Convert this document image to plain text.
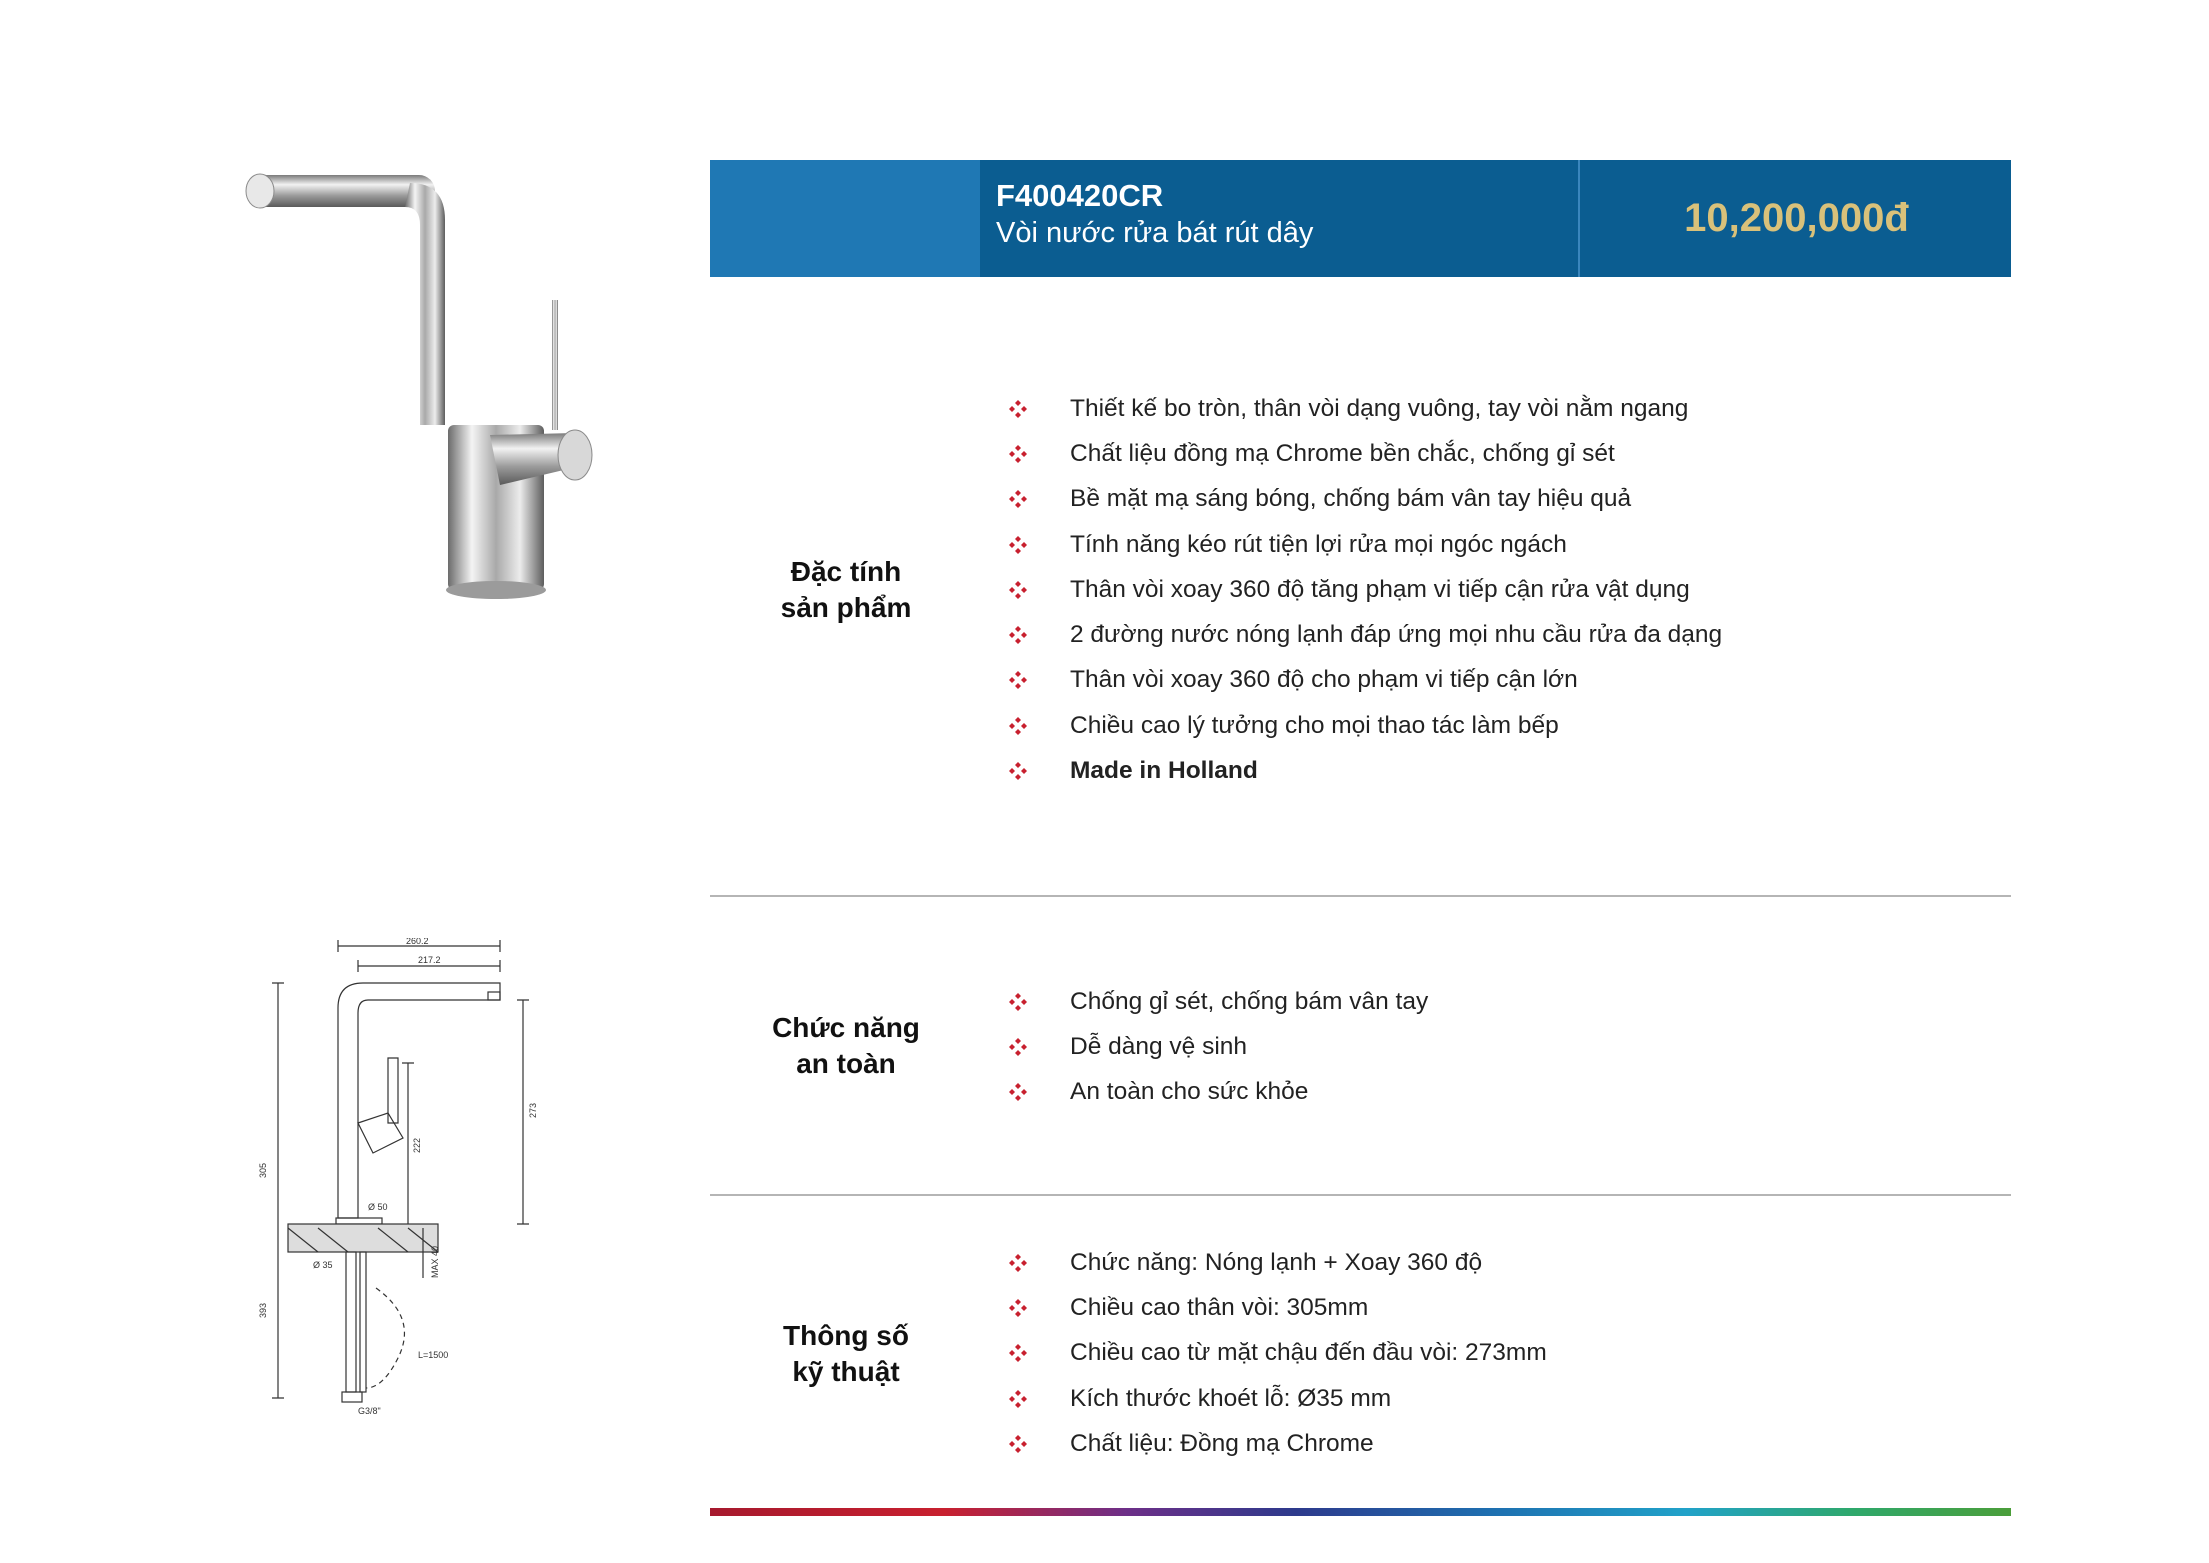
260.2
217.2
305
273
222
Ø 50
Ø 35	MAX 40
393
L=1500
G3/8"
F400420CR
Vòi nước rửa bát rút dây	10,200,000đ
Đặc tính
sản phẩm
Thiết kế bo tròn, thân vòi dạng vuông, tay vòi nằm ngang
Chất liệu đồng mạ Chrome bền chắc, chống gỉ sét
Bề mặt mạ sáng bóng, chống bám vân tay hiệu quả
Tính năng kéo rút tiện lợi rửa mọi ngóc ngách
Thân vòi xoay 360 độ tăng phạm vi tiếp cận rửa vật dụng
2 đường nước nóng lạnh đáp ứng mọi nhu cầu rửa đa dạng
Thân vòi xoay 360 độ cho phạm vi tiếp cận lớn
Chiều cao lý tưởng cho mọi thao tác làm bếp
Made in Holland
Chức năng
an toàn
Chống gỉ sét, chống bám vân tay
Dễ dàng vệ sinh
An toàn cho sức khỏe
Thông số
kỹ thuật
Chức năng: Nóng lạnh + Xoay 360 độ
Chiều cao thân vòi: 305mm
Chiều cao từ mặt chậu đến đầu vòi: 273mm
Kích thước khoét lỗ: Ø35 mm
Chất liệu: Đồng mạ Chrome
